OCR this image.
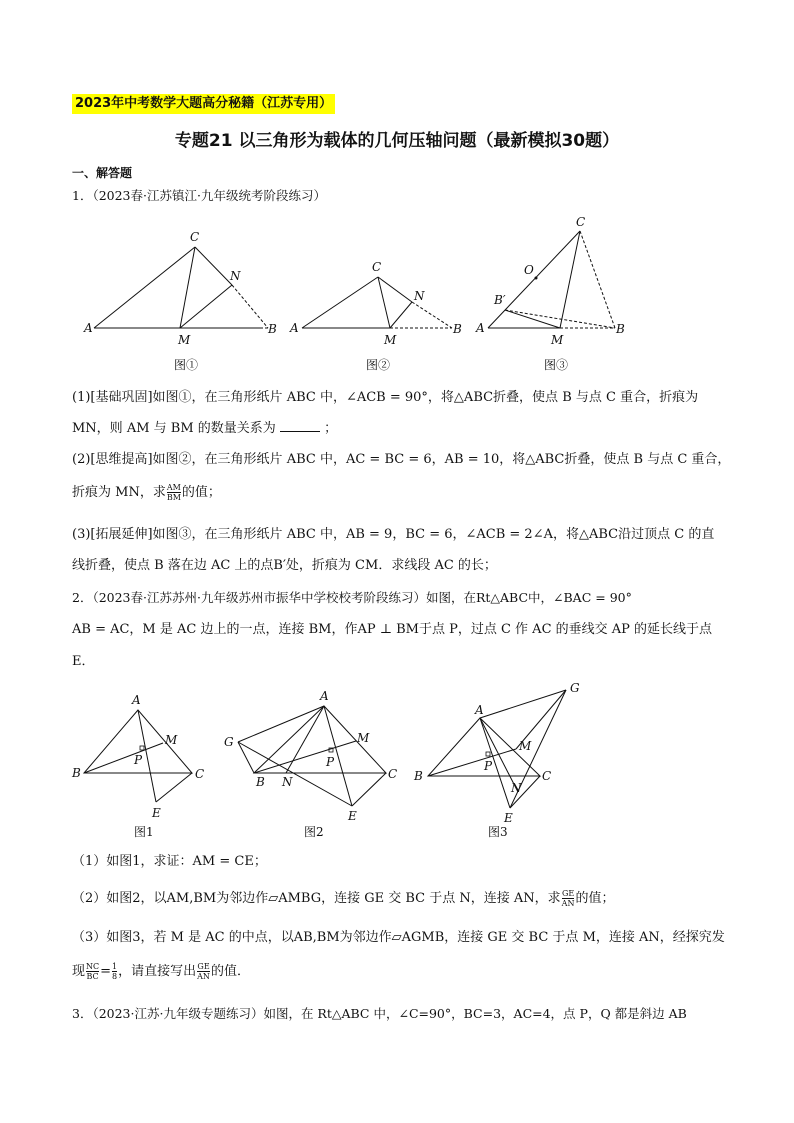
2023年中考数学大题高分秘籍（江苏专用）
专题21 以三角形为载体的几何压轴问题（最新模拟30题）
一、解答题
1．（2023春·江苏镇江·九年级统考阶段练习）
A
C
N
M
B
图①
A
C
N
M
B
图②
A
C
O
B′
M
B
图③
(1)[基础巩固]如图①，在三角形纸片 ABC 中，∠ACB = 90°，将△ABC折叠，使点 B 与点 C 重合，折痕为
MN，则 AM 与 BM 的数量关系为	；
(2)[思维提高]如图②，在三角形纸片 ABC 中，AC = BC = 6，AB = 10，将△ABC折叠，使点 B 与点 C 重合，
折痕为 MN，求 $\frac{AM}{BM}$ 的值；
(3)[拓展延伸]如图③，在三角形纸片 ABC 中，AB = 9，BC = 6，∠ACB = 2∠A，将△ABC沿过顶点 C 的直
线折叠，使点 B 落在边 AC 上的点B′处，折痕为 CM．求线段 AC 的长；
2．（2023春·江苏苏州·九年级苏州市振华中学校校考阶段练习）如图，在Rt△ABC中，∠BAC = 90°
AB = AC，M 是 AC 边上的一点，连接 BM，作AP ⊥ BM于点 P，过点 C 作 AC 的垂线交 AP 的延长线于点
E．
A
B	C
M
P
E
图1
A
G
B N
C
M
P
E
图2
A
G
B	C
M
P
N
E
图3
（1）如图1，求证：AM = CE；
（2）如图2，以AM,BM为邻边作▱AMBG，连接 GE 交 BC 于点 N，连接 AN，求 $\frac{GE}{AN}$ 的值；
（3）如图3，若 M 是 AC 的中点，以AB,BM为邻边作▱AGMB，连接 GE 交 BC 于点 M，连接 AN，经探究发
现 $\frac{NC}{BC} = \frac{1}{8}$ ，请直接写出 $\frac{GE}{AN}$ 的值．
3．（2023·江苏·九年级专题练习）如图，在 Rt△ABC 中，∠C=90°，BC=3，AC=4，点 P，Q 都是斜边 AB
